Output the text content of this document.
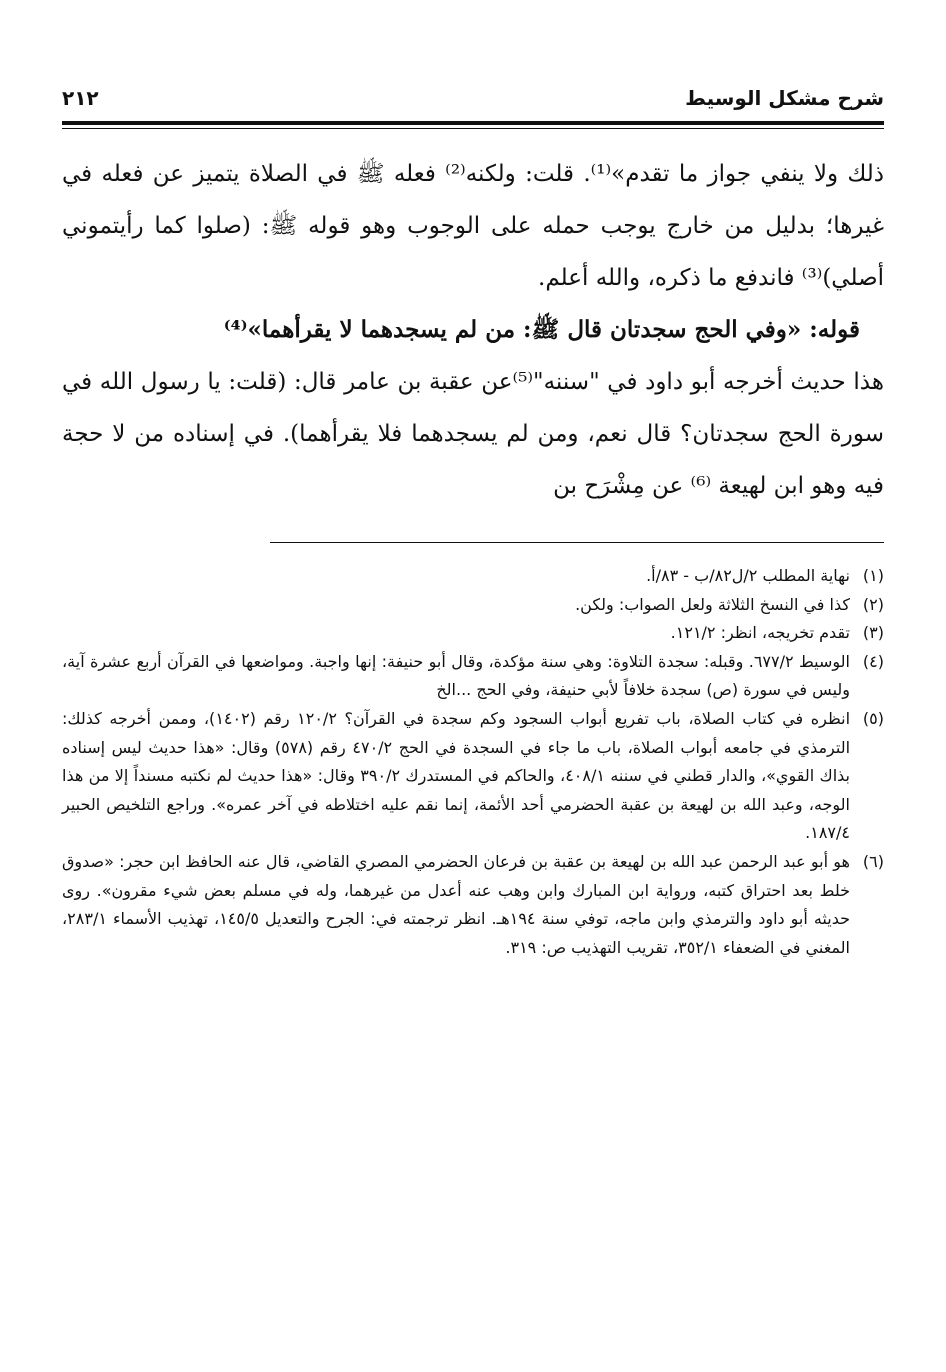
شرح مشكل الوسيط
٢١٢

ذلك ولا ينفي جواز ما تقدم»⁽¹⁾. قلت: ولكنه⁽²⁾ فعله ﷺ في الصلاة يتميز عن فعله في غيرها؛ بدليل من خارج يوجب حمله على الوجوب وهو قوله ﷺ: (صلوا كما رأيتموني أصلي)⁽³⁾ فاندفع ما ذكره، والله أعلم.

قوله: «وفي الحج سجدتان قال ﷺ: من لم يسجدهما لا يقرأهما»⁽⁴⁾

هذا حديث أخرجه أبو داود في "سننه"⁽⁵⁾عن عقبة بن عامر قال: (قلت: يا رسول الله في سورة الحج سجدتان؟ قال نعم، ومن لم يسجدهما فلا يقرأهما). في إسناده من لا حجة فيه وهو ابن لهيعة ⁽⁶⁾ عن مِشْرَح بن

(١)
نهاية المطلب ٢/ل٨٢/ب - ٨٣/أ.
(٢)
كذا في النسخ الثلاثة ولعل الصواب: ولكن.
(٣)
تقدم تخريجه، انظر: ١٢١/٢.
(٤)
الوسيط ٦٧٧/٢. وقبله: سجدة التلاوة: وهي سنة مؤكدة، وقال أبو حنيفة: إنها واجبة. ومواضعها في القرآن أربع عشرة آية، وليس في سورة (ص) سجدة خلافاً لأبي حنيفة، وفي الحج ...الخ
(٥)
انظره في كتاب الصلاة، باب تفريع أبواب السجود وكم سجدة في القرآن؟ ١٢٠/٢ رقم (١٤٠٢)، وممن أخرجه كذلك: الترمذي في جامعه أبواب الصلاة، باب ما جاء في السجدة في الحج ٤٧٠/٢ رقم (٥٧٨) وقال: «هذا حديث ليس إسناده بذاك القوي»، والدار قطني في سننه ٤٠٨/١، والحاكم في المستدرك ٣٩٠/٢ وقال: «هذا حديث لم نكتبه مسنداً إلا من هذا الوجه، وعبد الله بن لهيعة بن عقبة الحضرمي أحد الأئمة، إنما نقم عليه اختلاطه في آخر عمره». وراجع التلخيص الحبير ١٨٧/٤.
(٦)
هو أبو عبد الرحمن عبد الله بن لهيعة بن عقبة بن فرعان الحضرمي المصري القاضي، قال عنه الحافظ ابن حجر: «صدوق خلط بعد احتراق كتبه، ورواية ابن المبارك وابن وهب عنه أعدل من غيرهما، وله في مسلم بعض شيء مقرون». روى حديثه أبو داود والترمذي وابن ماجه، توفي سنة ١٩٤هـ. انظر ترجمته في: الجرح والتعديل ١٤٥/٥، تهذيب الأسماء ٢٨٣/١، المغني في الضعفاء ٣٥٢/١، تقريب التهذيب ص: ٣١٩.
